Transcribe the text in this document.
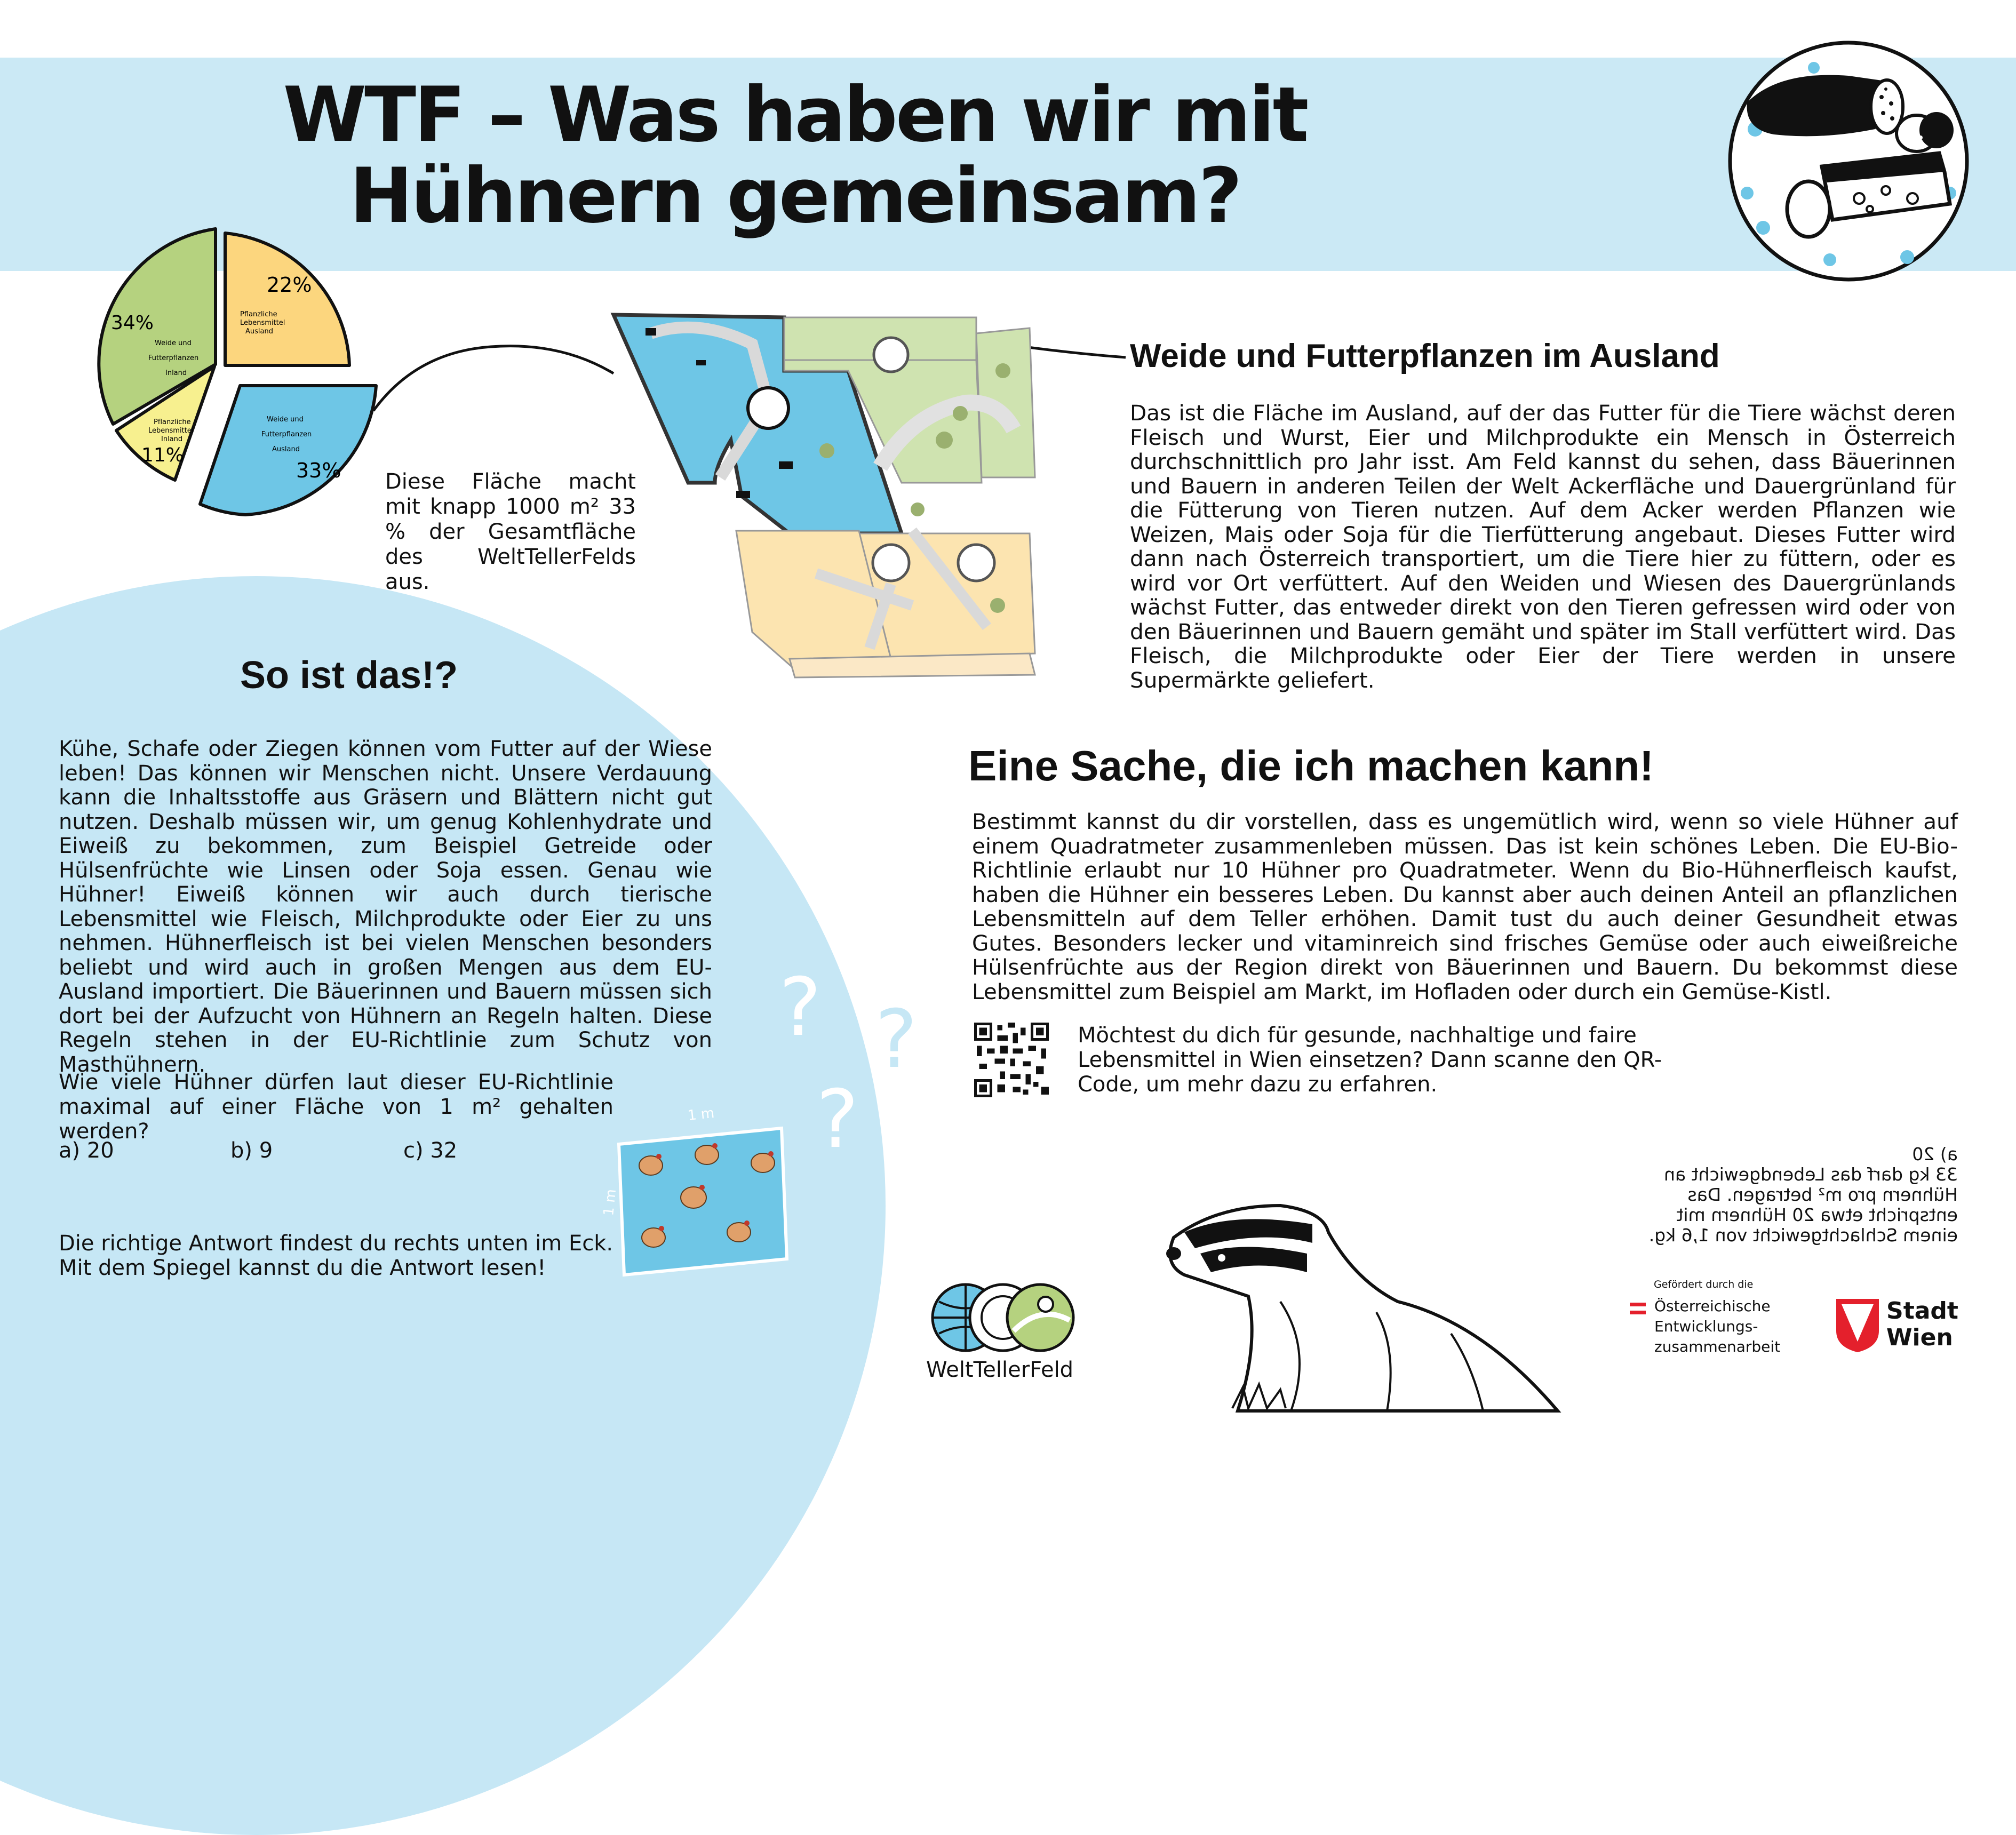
WTF – Was haben wir mit Hühnern gemeinsam?
22%
Pflanzliche Lebensmittel Ausland
34%
Weide und Futterpflanzen Inland
Pflanzliche Lebensmittel Inland
11%
Weide und Futterpflanzen Ausland
33% Diese Fläche macht mit knapp 1000 m² 33 % der Gesamtfläche des WeltTellerFelds aus.

Weide und Futterpflanzen im Ausland

Das ist die Fläche im Ausland, auf der das Futter für die Tiere wächst deren Fleisch und Wurst, Eier und Milchprodukte ein Mensch in Österreich durchschnittlich pro Jahr isst. Am Feld kannst du sehen, dass Bäuerinnen und Bauern in anderen Teilen der Welt Ackerfläche und Dauergrünland für die Fütterung von Tieren nutzen. Auf dem Acker werden Pflanzen wie Weizen, Mais oder Soja für die Tierfütterung angebaut. Dieses Futter wird dann nach Österreich transportiert, um die Tiere hier zu füttern, oder es wird vor Ort verfüttert. Auf den Weiden und Wiesen des Dauergrünlands wächst Futter, das entweder direkt von den Tieren gefressen wird oder von den Bäuerinnen und Bauern gemäht und später im Stall verfüttert wird. Das Fleisch, die Milchprodukte oder Eier der Tiere werden in unsere Supermärkte geliefert.

So ist das!?

Kühe, Schafe oder Ziegen können vom Futter auf der Wiese leben! Das können wir Menschen nicht. Unsere Verdauung kann die Inhaltsstoffe aus Gräsern und Blättern nicht gut nutzen. Deshalb müssen wir, um genug Kohlenhydrate und Eiweiß zu bekommen, zum Beispiel Getreide oder Hülsenfrüchte wie Linsen oder Soja essen. Genau wie Hühner! Eiweiß können wir auch durch tierische Lebensmittel wie Fleisch, Milchprodukte oder Eier zu uns nehmen. Hühnerfleisch ist bei vielen Menschen besonders beliebt und wird auch in großen Mengen aus dem EU-Ausland importiert. Die Bäuerinnen und Bauern müssen sich dort bei der Aufzucht von Hühnern an Regeln halten. Diese Regeln stehen in der EU-Richtlinie zum Schutz von Masthühnern.

Wie viele Hühner dürfen laut dieser EU-Richtlinie maximal auf einer Fläche von 1 m² gehalten werden?

a) 20	b) 9	c) 32

Die richtige Antwort findest du rechts unten im Eck. Mit dem Spiegel kannst du die Antwort lesen!

? ?
?
1 m
1 m
Eine Sache, die ich machen kann!

Bestimmt kannst du dir vorstellen, dass es ungemütlich wird, wenn so viele Hühner auf einem Quadratmeter zusammenleben müssen. Das ist kein schönes Leben. Die EU-Bio-Richtlinie erlaubt nur 10 Hühner pro Quadratmeter. Wenn du Bio-Hühnerfleisch kaufst, haben die Hühner ein besseres Leben. Du kannst aber auch deinen Anteil an pflanzlichen Lebensmitteln auf dem Teller erhöhen. Damit tust du auch deiner Gesundheit etwas Gutes. Besonders lecker und vitaminreich sind frisches Gemüse oder auch eiweißreiche Hülsenfrüchte aus der Region direkt von Bäuerinnen und Bauern. Du bekommst diese Lebensmittel zum Beispiel am Markt, im Hofladen oder durch ein Gemüse-Kistl.

Möchtest du dich für gesunde, nachhaltige und faire Lebensmittel in Wien einsetzen? Dann scanne den QR-Code, um mehr dazu zu erfahren.

a) 20
33 kg darf das Lebendgewicht an Hühnern pro m² betragen. Das entspricht etwa 20 Hühnern mit einem Schlachtgewicht von 1,6 kg.

WeltTellerFeld

Gefördert durch die

Österreichische
Entwicklungs-
zusammenarbeit

Stadt
Wien
